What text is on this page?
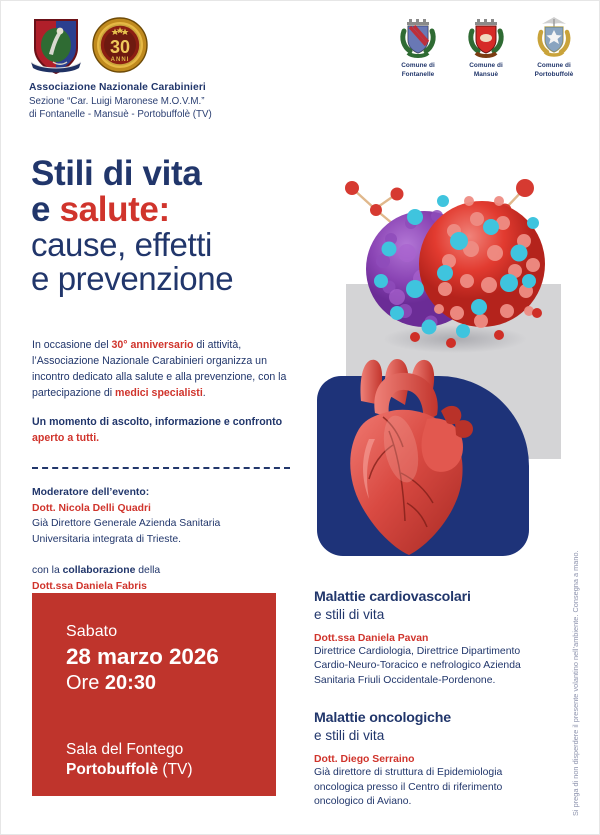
30
ANNI
Associazione Nazionale Carabinieri
Sezione “Car. Luigi Maronese M.O.V.M.”
di Fontanelle - Mansuè - Portobuffolè (TV)
Comune di
Fontanelle
Comune di
Mansuè
Comune di
Portobuffolè
Stili di vita
e salute:
cause, effetti
e prevenzione

In occasione del 30° anniversario di attività, l’Associazione Nazionale Carabinieri organizza un incontro dedicato alla salute e alla prevenzione, con la partecipazione di medici specialisti.

Un momento di ascolto, informazione e confronto aperto a tutti.

Moderatore dell’evento:
Dott. Nicola Delli Quadri
Già Direttore Generale Azienda Sanitaria
Universitaria integrata di Trieste.
con la collaborazione della
Dott.ssa Daniela Fabris
Sabato
28 marzo 2026
Ore 20:30
Sala del Fontego
Portobuffolè (TV)
Malattie cardiovascolari
e stili di vita
Dott.ssa Daniela Pavan
Direttrice Cardiologia, Direttrice Dipartimento Cardio-Neuro-Toracico e nefrologico Azienda Sanitaria Friuli Occidentale-Pordenone.
Malattie oncologiche
e stili di vita
Dott. Diego Serraino
Già direttore di struttura di Epidemiologia oncologica presso il Centro di riferimento oncologico di Aviano.	Si prega di non disperdere il presente volantino nell’ambiente. Consegna a mano.
